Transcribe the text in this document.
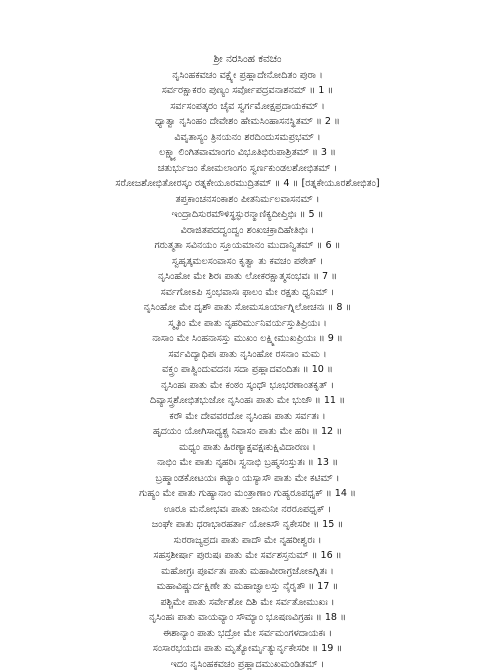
ಶ್ರೀ ನರಸಿಂಹ ಕವಚಂ

ನೃಸಿಂಹಕವಚಂ ವಕ್ಷ್ಯೇ ಪ್ರಹ್ಲಾದೇನೋದಿತಂ ಪುರಾ ।

ಸರ್ವರಕ್ಷಾಕರಂ ಪುಣ್ಯಂ ಸರ್ವೋಪದ್ರವನಾಶನಮ್ ॥ 1 ॥

ಸರ್ವಸಂಪತ್ಕರಂ ಚೈವ ಸ್ವರ್ಗಮೋಕ್ಷಪ್ರದಾಯಕಮ್ ।

ಧ್ಯಾತ್ವಾ ನೃಸಿಂಹಂ ದೇವೇಶಂ ಹೇಮಸಿಂಹಾಸನಸ್ಥಿತಮ್ ॥ 2 ॥

ವಿವೃತಾಸ್ಯಂ ತ್ರಿನಯನಂ ಶರದಿಂದುಸಮಪ್ರಭಮ್ ।

ಲಕ್ಷ್ಮ್ಯಾಲಿಂಗಿತವಾಮಾಂಗಂ ವಿಭೂತಿಭಿರುಪಾಶ್ರಿತಮ್ ॥ 3 ॥

ಚತುರ್ಭುಜಂ ಕೋಮಲಾಂಗಂ ಸ್ವರ್ಣಕುಂಡಲಶೋಭಿತಮ್ ।

ಸರೋಜಶೋಭಿತೋರಸ್ಕಂ ರತ್ನಕೇಯೂರಮುದ್ರಿತಮ್ ॥ 4 ॥ [ರತ್ನಕೇಯೂರಶೋಭಿತಂ]

ತಪ್ತಕಾಂಚನಸಂಕಾಶಂ ಪೀತನಿರ್ಮಲವಾಸನಮ್ ।

ಇಂದ್ರಾದಿಸುರಮೌಳಿಸ್ಥಸ್ಫುರನ್ಮಾಣಿಕ್ಯದೀಪ್ತಿಭಿಃ ॥ 5 ॥

ವಿರಾಜಿತಪದದ್ವಂದ್ವಂ ಶಂಖಚಕ್ರಾದಿಹೇತಿಭಿಃ ।

ಗರುತ್ಮತಾ ಸವಿನಯಂ ಸ್ತೂಯಮಾನಂ ಮುದಾನ್ವಿತಮ್ ॥ 6 ॥

ಸ್ವಹೃತ್ಕಮಲಸಂವಾಸಂ ಕೃತ್ವಾ ತು ಕವಚಂ ಪಠೇತ್ ।

ನೃಸಿಂಹೋ ಮೇ ಶಿರಃ ಪಾತು ಲೋಕರಕ್ಷಾತ್ಮಸಂಭವಃ ॥ 7 ॥

ಸರ್ವಗೋಽಪಿ ಸ್ತಂಭವಾಸಃ ಫಾಲಂ ಮೇ ರಕ್ಷತು ಧ್ವನಿಮ್ ।

ನೃಸಿಂಹೋ ಮೇ ದೃಶೌ ಪಾತು ಸೋಮಸೂರ್ಯಾಗ್ನಿಲೋಚನಃ ॥ 8 ॥

ಸ್ಮೃತಿಂ ಮೇ ಪಾತು ನೃಹರಿರ್ಮುನಿವರ್ಯಸ್ತುತಿಪ್ರಿಯಃ ।

ನಾಸಾಂ ಮೇ ಸಿಂಹನಾಸಸ್ತು ಮುಖಂ ಲಕ್ಷ್ಮೀಮುಖಪ್ರಿಯಃ ॥ 9 ॥

ಸರ್ವವಿದ್ಯಾಧಿಪಃ ಪಾತು ನೃಸಿಂಹೋ ರಸನಾಂ ಮಮ ।

ವಕ್ತ್ರಂ ಪಾತ್ವಿಂದುವದನಃ ಸದಾ ಪ್ರಹ್ಲಾದವಂದಿತಃ ॥ 10 ॥

ನೃಸಿಂಹಃ ಪಾತು ಮೇ ಕಂಠಂ ಸ್ಕಂಧೌ ಭೂಭರಣಾಂತಕೃತ್ ।

ದಿವ್ಯಾಸ್ತ್ರಶೋಭಿತಭುಜೋ ನೃಸಿಂಹಃ ಪಾತು ಮೇ ಭುಜೌ ॥ 11 ॥

ಕರೌ ಮೇ ದೇವವರದೋ ನೃಸಿಂಹಃ ಪಾತು ಸರ್ವತಃ ।

ಹೃದಯಂ ಯೋಗಿಸಾಧ್ಯಶ್ಚ ನಿವಾಸಂ ಪಾತು ಮೇ ಹರಿಃ ॥ 12 ॥

ಮಧ್ಯಂ ಪಾತು ಹಿರಣ್ಯಾಕ್ಷವಕ್ಷಃಕುಕ್ಷಿವಿದಾರಣಃ ।

ನಾಭಿಂ ಮೇ ಪಾತು ನೃಹರಿಃ ಸ್ವನಾಭಿ ಬ್ರಹ್ಮಸಂಸ್ತುತಃ ॥ 13 ॥

ಬ್ರಹ್ಮಾಂಡಕೋಟಯಃ ಕಟ್ಯಾಂ ಯಸ್ಯಾಸೌ ಪಾತು ಮೇ ಕಟಿಮ್ ।

ಗುಹ್ಯಂ ಮೇ ಪಾತು ಗುಹ್ಯಾನಾಂ ಮಂತ್ರಾಣಾಂ ಗುಹ್ಯರೂಪಧೃಕ್ ॥ 14 ॥

ಊರೂ ಮನೋಭವಃ ಪಾತು ಜಾನುನೀ ನರರೂಪಧೃಕ್ ।

ಜಂಘೇ ಪಾತು ಧರಾಭಾರಹರ್ತಾ ಯೋಽಸೌ ನೃಕೇಸರೀ ॥ 15 ॥

ಸುರರಾಜ್ಯಪ್ರದಃ ಪಾತು ಪಾದೌ ಮೇ ನೃಹರೀಶ್ವರಃ ।

ಸಹಸ್ರಶೀರ್ಷಾ ಪುರುಷಃ ಪಾತು ಮೇ ಸರ್ವಶಸ್ತನುಮ್ ॥ 16 ॥

ಮಹೋಗ್ರಃ ಪೂರ್ವತಃ ಪಾತು ಮಹಾವೀರಾಗ್ರಜೋಽಗ್ನಿತಃ ।

ಮಹಾವಿಷ್ಣುರ್ದಕ್ಷಿಣೇ ತು ಮಹಾಜ್ವಾಲಸ್ತು ನೈರೃತೌ ॥ 17 ॥

ಪಶ್ಚಿಮೇ ಪಾತು ಸರ್ವೇಶೋ ದಿಶಿ ಮೇ ಸರ್ವತೋಮುಖಃ ।

ನೃಸಿಂಹಃ ಪಾತು ವಾಯವ್ಯಾಂ ಸೌಮ್ಯಾಂ ಭೂಷಣವಿಗ್ರಹಃ ॥ 18 ॥

ಈಶಾನ್ಯಾಂ ಪಾತು ಭದ್ರೋ ಮೇ ಸರ್ವಮಂಗಳದಾಯಕಃ ।

ಸಂಸಾರಭಯದಃ ಪಾತು ಮೃತ್ಯೋರ್ಮೃತ್ಯುರ್ನೃಕೇಸರೀ ॥ 19 ॥

ಇದಂ ನೃಸಿಂಹಕವಚಂ ಪ್ರಹ್ಲಾದಮುಖಮಂಡಿತಮ್ ।
